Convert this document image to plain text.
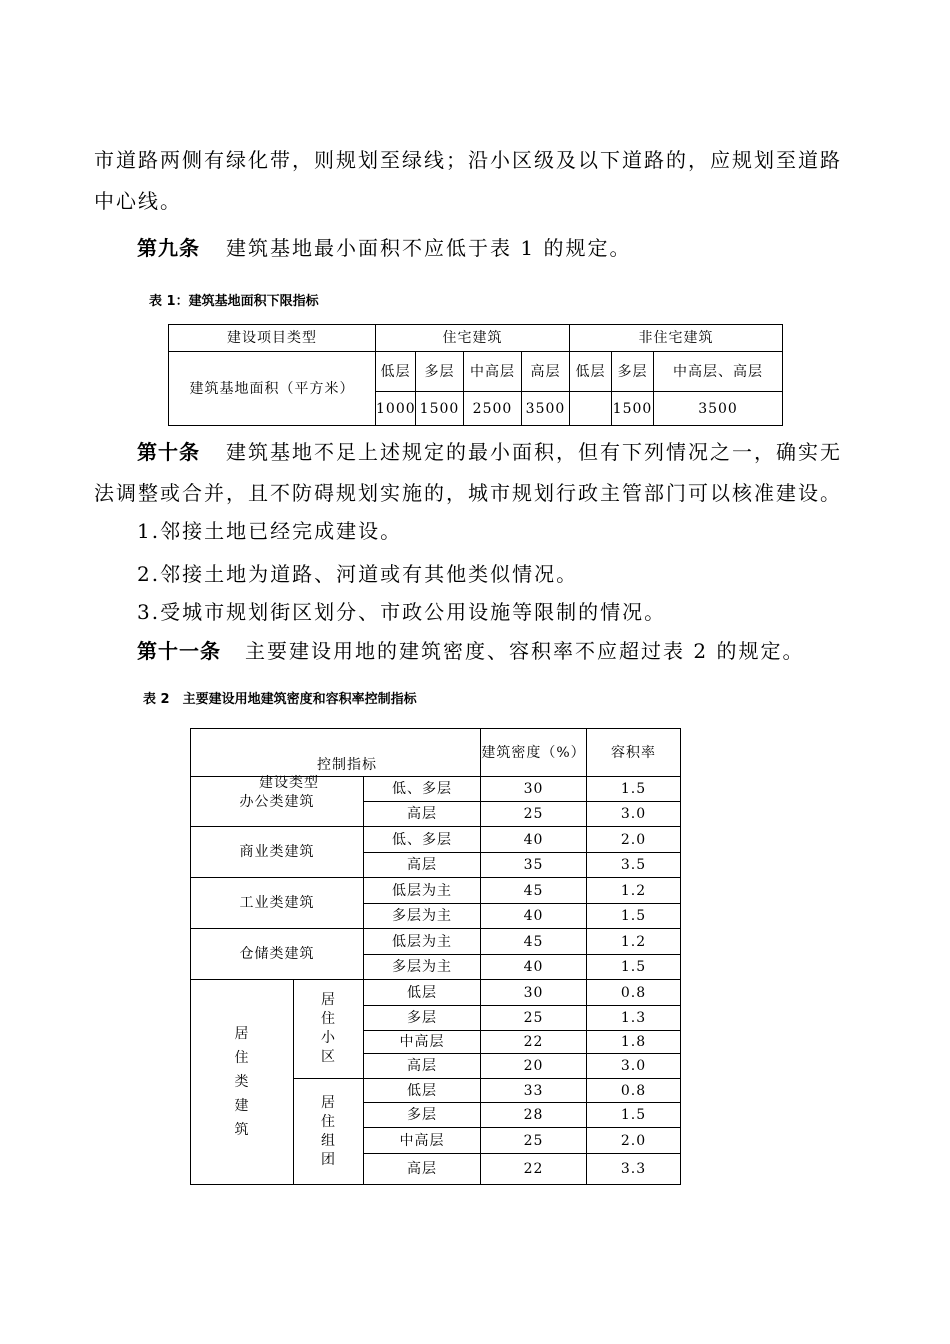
市道路两侧有绿化带，则规划至绿线；沿小区级及以下道路的，应规划至道路
中心线。
第九条 建筑基地最小面积不应低于表 1 的规定。
表 1：建筑基地面积下限指标
建设项目类型	住宅建筑				非住宅建筑		
建筑基地面积（平方米）	低层	多层	中高层	高层	低层	多层	中高层、高层
	1000	1500	2500	3500		1500	3500
第十条 建筑基地不足上述规定的最小面积，但有下列情况之一，确实无
法调整或合并，且不防碍规划实施的，城市规划行政主管部门可以核准建设。
1.邻接土地已经完成建设。
2.邻接土地为道路、河道或有其他类似情况。
3.受城市规划街区划分、市政公用设施等限制的情况。
第十一条 主要建设用地的建筑密度、容积率不应超过表 2 的规定。
表 2　主要建设用地建筑密度和容积率控制指标
控制指标
建设类型			建筑密度（%）	容积率
办公类建筑		低、多层	30	1.5
		高层	25	3.0
商业类建筑		低、多层	40	2.0
		高层	35	3.5
工业类建筑		低层为主	45	1.2
		多层为主	40	1.5
仓储类建筑		低层为主	45	1.2
		多层为主	40	1.5
居住类建筑	居住小区	低层	30	0.8
		多层	25	1.3
		中高层	22	1.8
		高层	20	3.0
	居住组团	低层	33	0.8
		多层	28	1.5
		中高层	25	2.0
		高层	22	3.3
